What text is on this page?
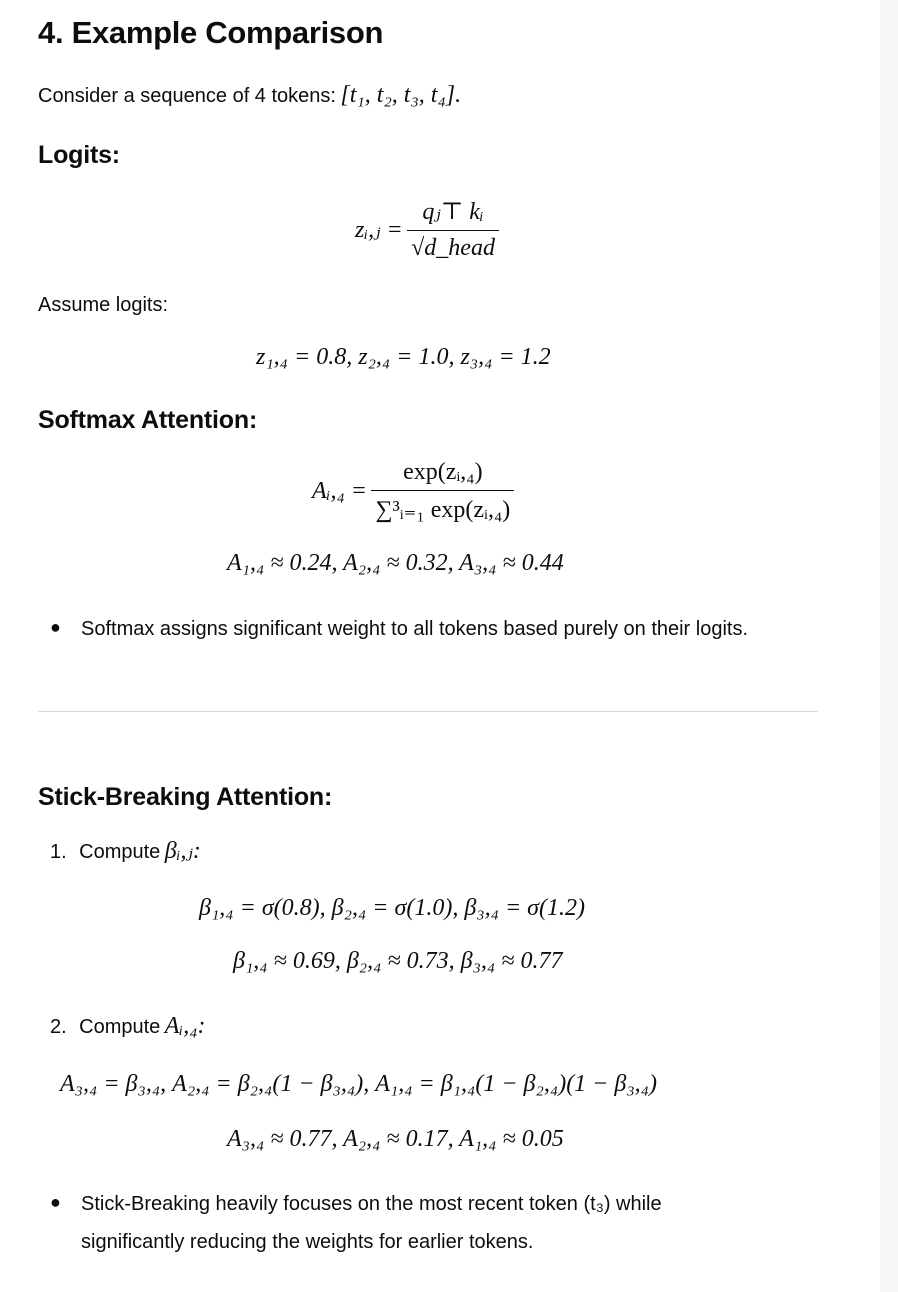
4. Example Comparison
Consider a sequence of 4 tokens: [t₁, t₂, t₃, t₄].
Logits:
zᵢ,ⱼ = $\frac{\text{qⱼ⊤ kᵢ}}{\text{√d\_head}}$
Assume logits:
z₁,₄ = 0.8, z₂,₄ = 1.0, z₃,₄ = 1.2
Softmax Attention:
Aᵢ,₄ = $\frac{\text{exp(zᵢ,₄)}}{\text{∑³ᵢ₌₁ exp(zᵢ,₄)}}$
A₁,₄ ≈ 0.24, A₂,₄ ≈ 0.32, A₃,₄ ≈ 0.44
● Softmax assigns significant weight to all tokens based purely on their logits.
Stick-Breaking Attention:
1. Compute βᵢ,ⱼ:
β₁,₄ = σ(0.8), β₂,₄ = σ(1.0), β₃,₄ = σ(1.2)
β₁,₄ ≈ 0.69, β₂,₄ ≈ 0.73, β₃,₄ ≈ 0.77
2. Compute Aᵢ,₄:
A₃,₄ = β₃,₄, A₂,₄ = β₂,₄(1 − β₃,₄), A₁,₄ = β₁,₄(1 − β₂,₄)(1 − β₃,₄)
A₃,₄ ≈ 0.77, A₂,₄ ≈ 0.17, A₁,₄ ≈ 0.05
● Stick-Breaking heavily focuses on the most recent token (t₃) while
significantly reducing the weights for earlier tokens.
